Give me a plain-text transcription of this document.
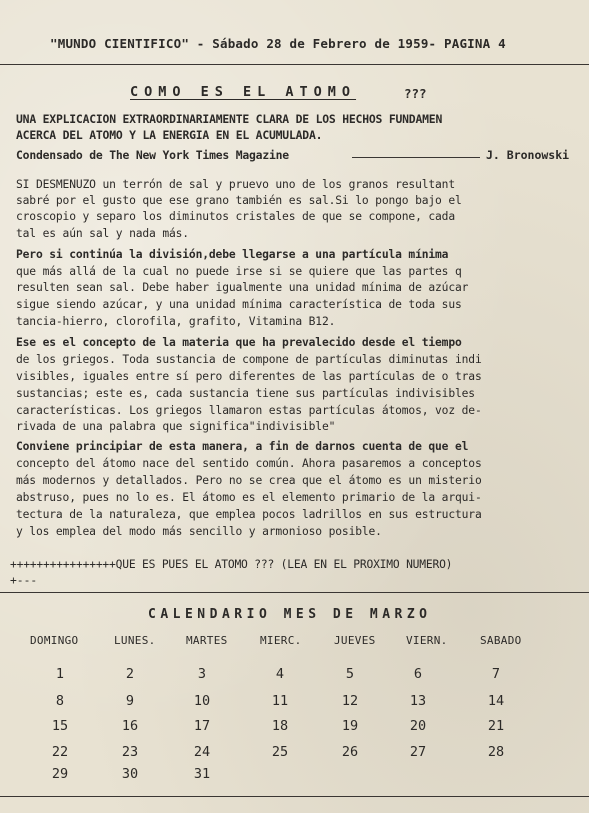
"MUNDO CIENTIFICO" - Sábado 28 de Febrero de 1959- PAGINA 4
COMO ES EL ATOMO	???
UNA EXPLICACION EXTRAORDINARIAMENTE CLARA DE LOS HECHOS FUNDAMEN
ACERCA DEL ATOMO Y LA ENERGIA EN EL ACUMULADA.
Condensado de The New York Times Magazine	J. Bronowski
SI DESMENUZO un terrón de sal y pruevo uno de los granos resultant
sabré por el gusto que ese grano también es sal.Si lo pongo bajo el
croscopio y separo los diminutos cristales de que se compone, cada
tal es aún sal y nada más.
Pero si continúa la división,debe llegarse a una partícula mínima
que más allá de la cual no puede irse si se quiere que las partes q
resulten sean sal. Debe haber igualmente una unidad mínima de azúcar
sigue siendo azúcar, y una unidad mínima característica de toda sus
tancia-hierro, clorofila, grafito, Vitamina B12.
Ese es el concepto de la materia que ha prevalecido desde el tiempo
de los griegos. Toda sustancia de compone de partículas diminutas indi
visibles, iguales entre sí pero diferentes de las partículas de o tras
sustancias; este es, cada sustancia tiene sus partículas indivisibles
características. Los griegos llamaron estas partículas átomos, voz de-
rivada de una palabra que significa"indivisible"
Conviene principiar de esta manera, a fin de darnos cuenta de que el
concepto del átomo nace del sentido común. Ahora pasaremos a conceptos
más modernos y detallados. Pero no se crea que el átomo es un misterio
abstruso, pues no lo es. El átomo es el elemento primario de la arqui-
tectura de la naturaleza, que emplea pocos ladrillos en sus estructura
y los emplea del modo más sencillo y armonioso posible.
++++++++++++++++QUE ES PUES EL ATOMO ??? (LEA EN EL PROXIMO NUMERO)
+---
CALENDARIO MES DE MARZO
DOMINGO	LUNES.	MARTES	MIERC.	JUEVES	VIERN.	SABADO
1	2	3	4	5	6	7
8	9	10	11	12	13	14
15	16	17	18	19	20	21
22	23	24	25	26	27	28
29	30	31
